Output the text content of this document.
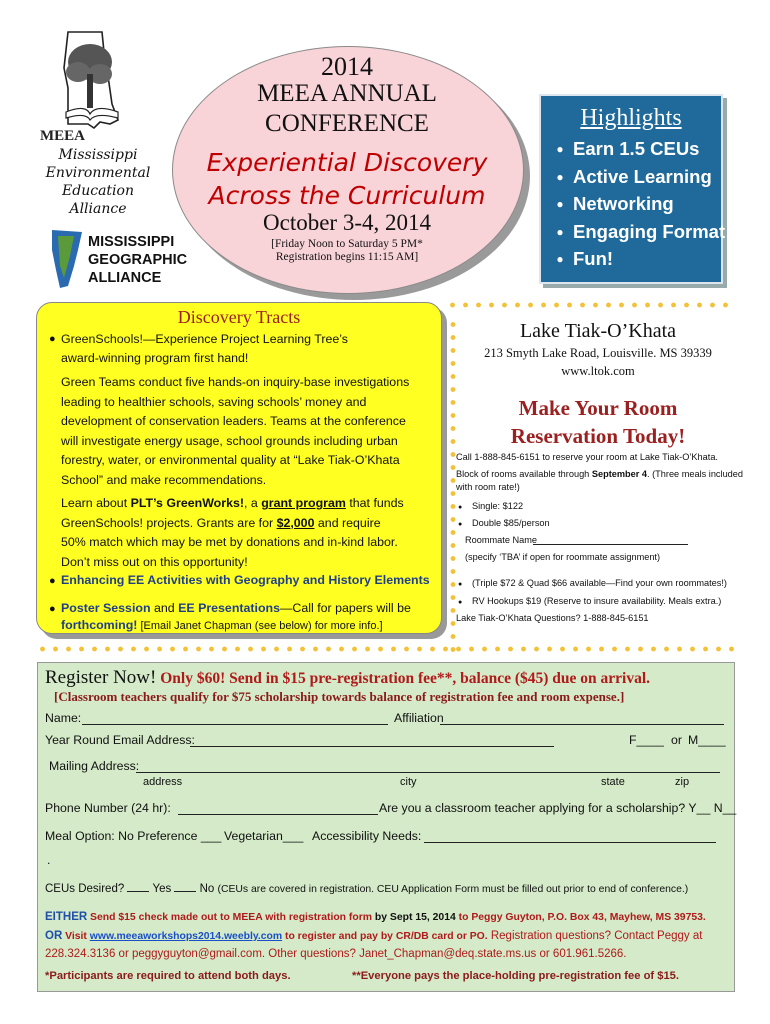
MEEA
Mississippi
Environmental
Education
Alliance
MISSISSIPPI
GEOGRAPHIC
ALLIANCE
2014
MEEA ANNUAL
CONFERENCE
Experiential Discovery
Across the Curriculum
October 3-4, 2014
[Friday Noon to Saturday 5 PM*
Registration begins 11:15 AM]
Highlights
● Earn 1.5 CEUs
● Active Learning
● Networking
● Engaging Format
● Fun!
Discovery Tracts
● GreenSchools!—Experience Project Learning Tree’s
award-winning program first hand!
Green Teams conduct five hands-on inquiry-base investigations
leading to healthier schools, saving schools’ money and
development of conservation leaders. Teams at the conference
will investigate energy usage, school grounds including urban
forestry, water, or environmental quality at “Lake Tiak-O’Khata
School” and make recommendations.
Learn about PLT’s GreenWorks!, a grant program that funds
GreenSchools! projects. Grants are for $2,000 and require
50% match which may be met by donations and in-kind labor.
Don’t miss out on this opportunity!
● Enhancing EE Activities with Geography and History Elements
● Poster Session and EE Presentations—Call for papers will be
forthcoming! [Email Janet Chapman (see below) for more info.]
Lake Tiak-O’Khata
213 Smyth Lake Road, Louisville. MS 39339
www.ltok.com
Make Your Room
Reservation Today!
Call 1-888-845-6151 to reserve your room at Lake Tiak-O’Khata.
Block of rooms available through September 4. (Three meals included
with room rate!)
● Single: $122
● Double $85/person
Roommate Name
(specify ‘TBA’ if open for roommate assignment)
● (Triple $72 & Quad $66 available—Find your own roommates!)
● RV Hookups $19 (Reserve to insure availability. Meals extra.)
Lake Tiak-O’Khata Questions? 1-888-845-6151
Register Now! Only $60! Send in $15 pre-registration fee**, balance ($45) due on arrival.
[Classroom teachers qualify for $75 scholarship towards balance of registration fee and room expense.]
Name:	Affiliation
Year Round Email Address:	F____ or M____
Mailing Address:
address	city	state	zip
Phone Number (24 hr):	Are you a classroom teacher applying for a scholarship? Y__ N__
Meal Option: No Preference ___ Vegetarian___ Accessibility Needs:
.
CEUs Desired? Yes No (CEUs are covered in registration. CEU Application Form must be filled out prior to end of conference.)
EITHER Send $15 check made out to MEEA with registration form by Sept 15, 2014 to Peggy Guyton, P.O. Box 43, Mayhew, MS 39753.
OR Visit www.meeaworkshops2014.weebly.com to register and pay by CR/DB card or PO. Registration questions? Contact Peggy at
228.324.3136 or peggyguyton@gmail.com. Other questions? Janet_Chapman@deq.state.ms.us or 601.961.5266.
*Participants are required to attend both days.	**Everyone pays the place-holding pre-registration fee of $15.
